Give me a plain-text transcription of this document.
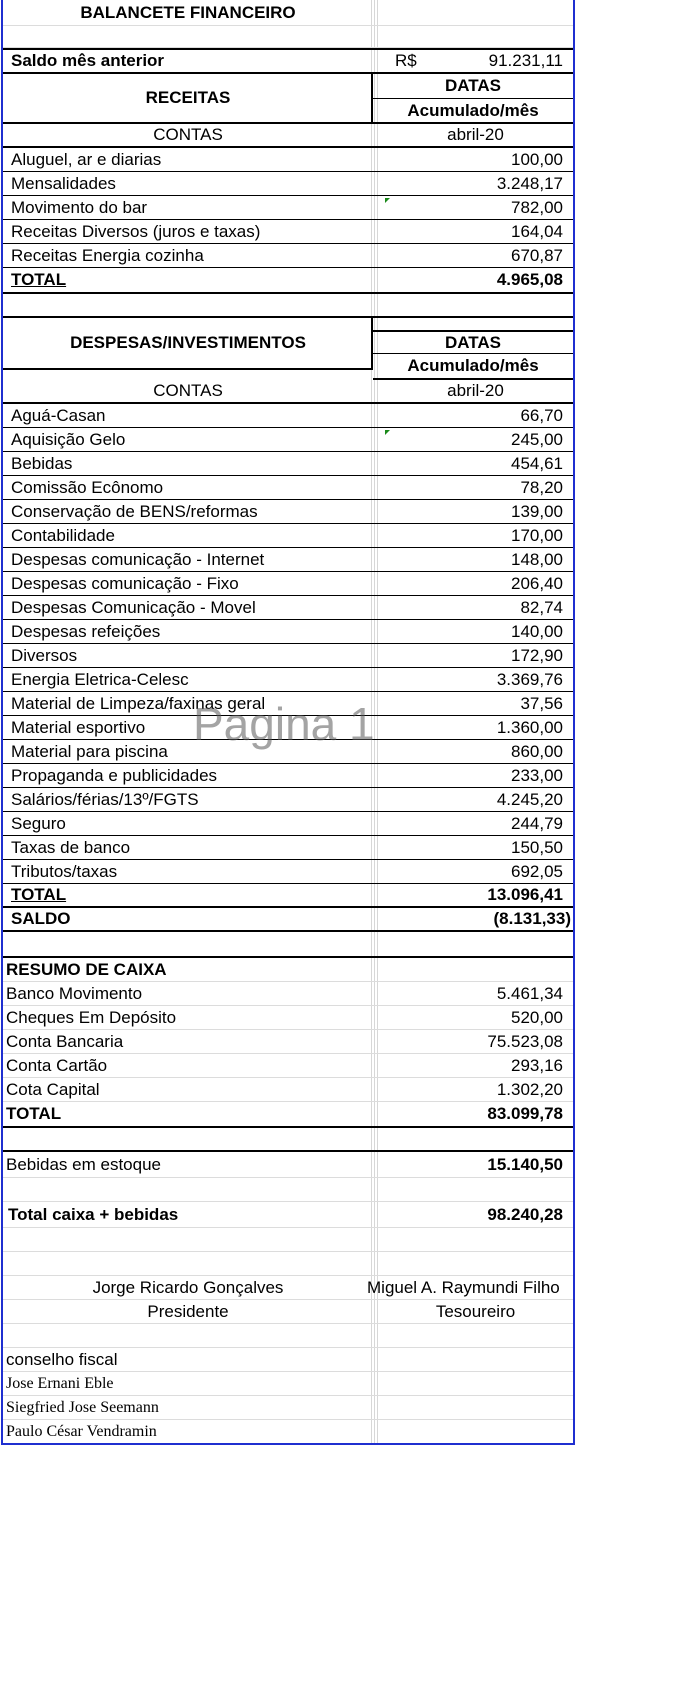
BALANCETE FINANCEIRO
Saldo mês anterior	R$	91.231,11
RECEITAS
DATAS
Acumulado/mês
CONTAS	abril-20
Aluguel, ar e diarias	100,00
Mensalidades	3.248,17
Movimento do bar	782,00
Receitas Diversos (juros e taxas)	164,04
Receitas Energia cozinha	670,87
TOTAL	4.965,08
DESPESAS/INVESTIMENTOS	DATAS
Acumulado/mês
CONTAS	abril-20
Aguá-Casan	66,70
Aquisição Gelo	245,00
Bebidas	454,61
Comissão Ecônomo	78,20
Conservação de BENS/reformas	139,00
Contabilidade	170,00
Despesas comunicação - Internet	148,00
Despesas comunicação - Fixo	206,40
Despesas Comunicação - Movel	82,74
Despesas refeições	140,00
Diversos	172,90
Energia Eletrica-Celesc	3.369,76
Material de Limpeza/faxinas geral	37,56
Material esportivo	1.360,00
Material para piscina	860,00
Propaganda e publicidades	233,00
Salários/férias/13º/FGTS	4.245,20
Seguro	244,79
Taxas de banco	150,50
Tributos/taxas	692,05
TOTAL	13.096,41
SALDO	(8.131,33)
RESUMO DE CAIXA
Banco Movimento	5.461,34
Cheques Em Depósito	520,00
Conta Bancaria	75.523,08
Conta Cartão	293,16
Cota Capital	1.302,20
TOTAL	83.099,78
Bebidas em estoque	15.140,50
Total caixa + bebidas	98.240,28
Jorge Ricardo Gonçalves	Miguel A. Raymundi Filho
Presidente	Tesoureiro
conselho fiscal
Jose Ernani Eble
Siegfried Jose Seemann
Paulo César Vendramin
Pagina 1
